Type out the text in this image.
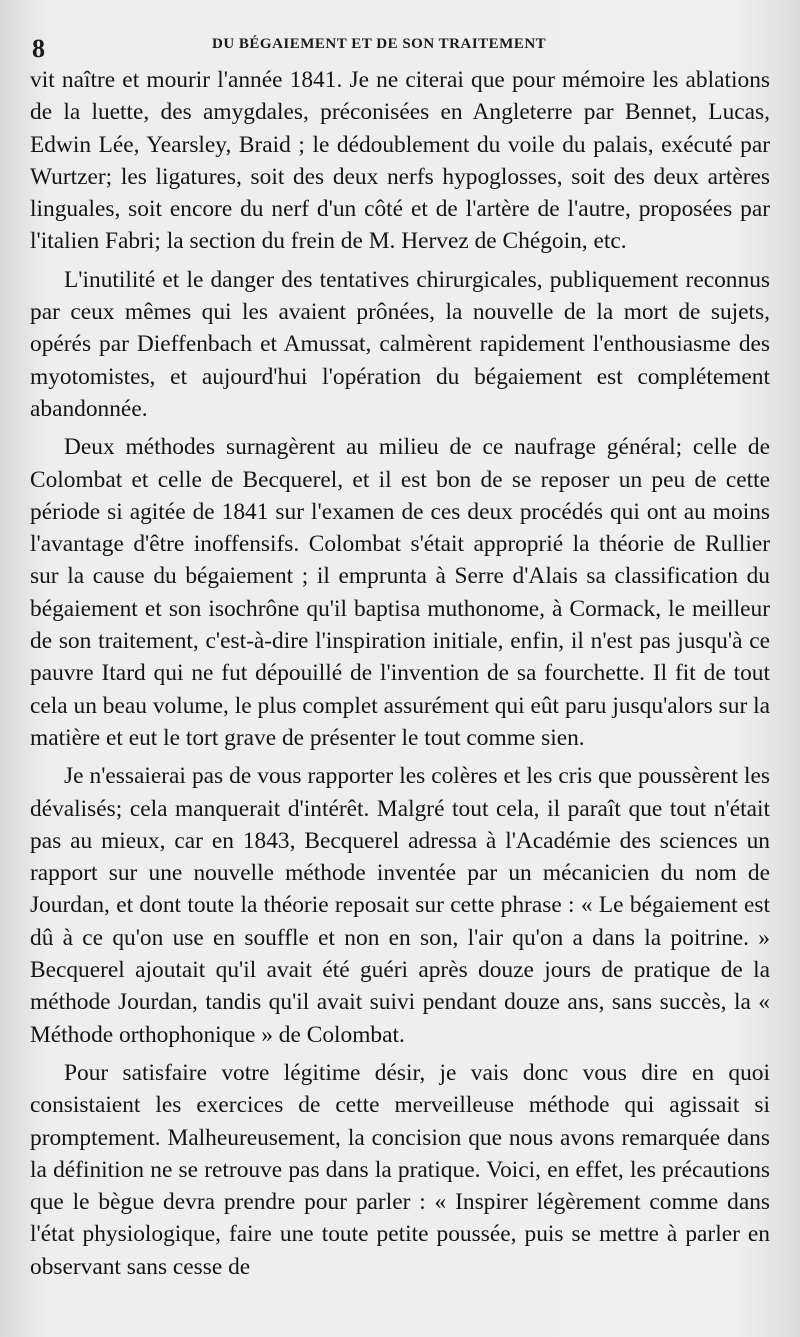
8	DU BÉGAIEMENT ET DE SON TRAITEMENT

vit naître et mourir l'année 1841. Je ne citerai que pour mémoire les ablations de la luette, des amygdales, préconisées en Angleterre par Bennet, Lucas, Edwin Lée, Yearsley, Braid ; le dédoublement du voile du palais, exécuté par Wurtzer; les ligatures, soit des deux nerfs hypoglosses, soit des deux artères linguales, soit encore du nerf d'un côté et de l'artère de l'autre, proposées par l'italien Fabri; la section du frein de M. Hervez de Chégoin, etc.

L'inutilité et le danger des tentatives chirurgicales, publiquement reconnus par ceux mêmes qui les avaient prônées, la nouvelle de la mort de sujets, opérés par Dieffenbach et Amussat, calmèrent rapidement l'enthousiasme des myotomistes, et aujourd'hui l'opération du bégaiement est complétement abandonnée.

Deux méthodes surnagèrent au milieu de ce naufrage général; celle de Colombat et celle de Becquerel, et il est bon de se reposer un peu de cette période si agitée de 1841 sur l'examen de ces deux procédés qui ont au moins l'avantage d'être inoffensifs. Colombat s'était approprié la théorie de Rullier sur la cause du bégaiement ; il emprunta à Serre d'Alais sa classification du bégaiement et son isochrône qu'il baptisa muthonome, à Cormack, le meilleur de son traitement, c'est-à-dire l'inspiration initiale, enfin, il n'est pas jusqu'à ce pauvre Itard qui ne fut dépouillé de l'invention de sa fourchette. Il fit de tout cela un beau volume, le plus complet assurément qui eût paru jusqu'alors sur la matière et eut le tort grave de présenter le tout comme sien.

Je n'essaierai pas de vous rapporter les colères et les cris que poussèrent les dévalisés; cela manquerait d'intérêt. Malgré tout cela, il paraît que tout n'était pas au mieux, car en 1843, Becquerel adressa à l'Académie des sciences un rapport sur une nouvelle méthode inventée par un mécanicien du nom de Jourdan, et dont toute la théorie reposait sur cette phrase : « Le bégaiement est dû à ce qu'on use en souffle et non en son, l'air qu'on a dans la poitrine. » Becquerel ajoutait qu'il avait été guéri après douze jours de pratique de la méthode Jourdan, tandis qu'il avait suivi pendant douze ans, sans succès, la « Méthode orthophonique » de Colombat.

Pour satisfaire votre légitime désir, je vais donc vous dire en quoi consistaient les exercices de cette merveilleuse méthode qui agissait si promptement. Malheureusement, la concision que nous avons remarquée dans la définition ne se retrouve pas dans la pratique. Voici, en effet, les précautions que le bègue devra prendre pour parler : « Inspirer légèrement comme dans l'état physiologique, faire une toute petite poussée, puis se mettre à parler en observant sans cesse de
